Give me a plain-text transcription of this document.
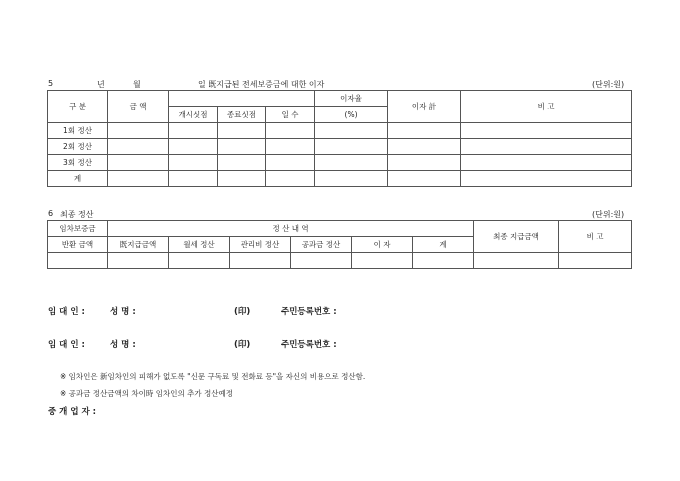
5	년	월	일 既지급된 전세보증금에 대한 이자	(단위:원)
구 분	금 액				이자율	이자 計	비 고
		개시싯점	종료싯점	일 수	(%)		
1회 정산							
2회 정산							
3회 정산							
계							
6 최종 정산	(단위:원)
임차보증금	정 산 내 역						최종 지급금액	비 고
반환 금액	既지급금액	월세 정산	관리비 정산	공과금 정산	이 자	계		

임 대 인 :	성 명 :	(印)	주민등록번호 :
임 대 인 :	성 명 :	(印)	주민등록번호 :
※ 임차인은 新임차인의 피해가 없도록 "신문 구독료 및 전화료 등"을 자신의 비용으로 정산함.
※ 공과금 정산금액의 차이時 임차인의 추가 정산예정
중 개 업 자 :
